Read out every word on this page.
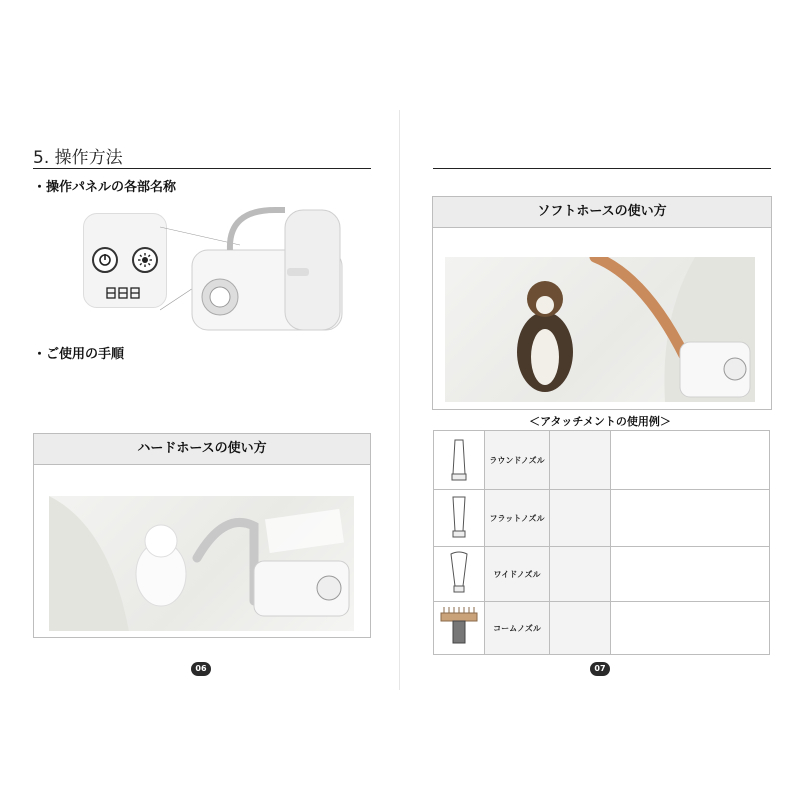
5. 操作方法
・操作パネルの各部名称
・ご使用の手順
ハードホースの使い方
06
ソフトホースの使い方
＜アタッチメントの使用例＞
07
	ラウンドノズル		
	フラットノズル		
	ワイドノズル		
	コームノズル		
